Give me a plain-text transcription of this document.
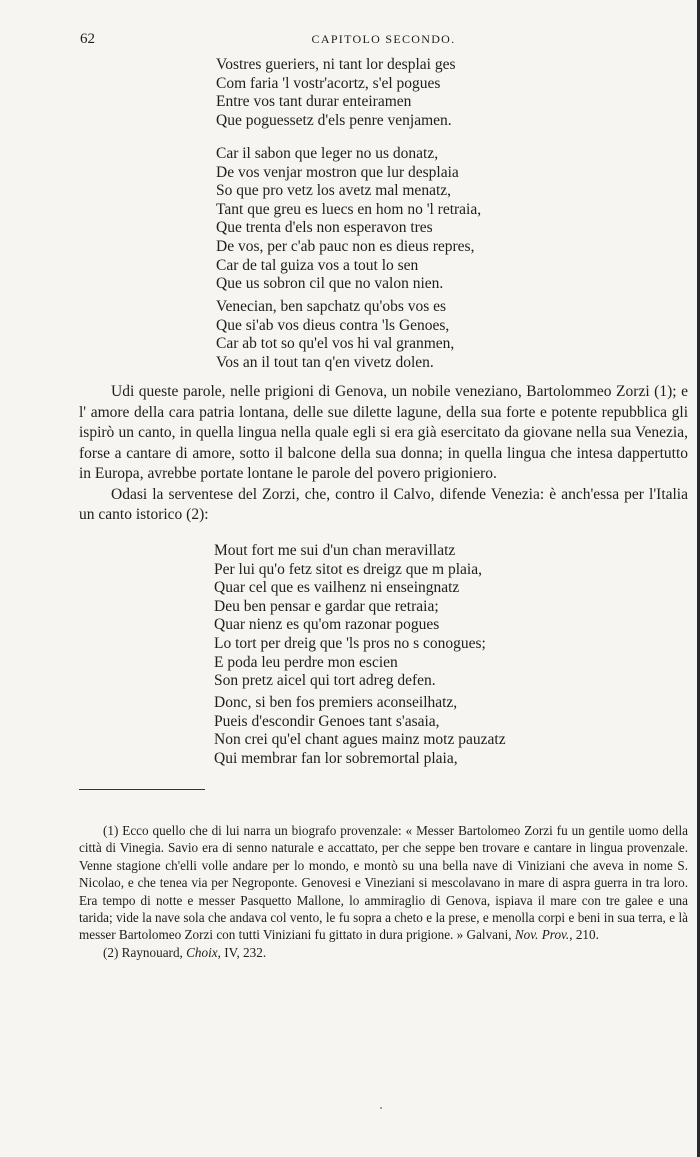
62	CAPITOLO SECONDO.
Vostres gueriers, ni tant lor desplai ges
Com faria 'l vostr'acortz, s'el pogues
Entre vos tant durar enteiramen
Que poguessetz d'els penre venjamen.
Car il sabon que leger no us donatz,
De vos venjar mostron que lur desplaia
So que pro vetz los avetz mal menatz,
Tant que greu es luecs en hom no 'l retraia,
Que trenta d'els non esperavon tres
De vos, per c'ab pauc non es dieus repres,
Car de tal guiza vos a tout lo sen
Que us sobron cil que no valon nien.
Venecian, ben sapchatz qu'obs vos es
Que si'ab vos dieus contra 'ls Genoes,
Car ab tot so qu'el vos hi val granmen,
Vos an il tout tan q'en vivetz dolen.

Udi queste parole, nelle prigioni di Genova, un nobile veneziano, Bartolommeo Zorzi (1); e l' amore della cara patria lontana, delle sue dilette lagune, della sua forte e potente repubblica gli ispirò un canto, in quella lingua nella quale egli si era già esercitato da giovane nella sua Venezia, forse a cantare di amore, sotto il balcone della sua donna; in quella lingua che intesa dappertutto in Europa, avrebbe portate lontane le parole del povero prigioniero.

Odasi la serventese del Zorzi, che, contro il Calvo, difende Venezia: è anch'essa per l'Italia un canto istorico (2):

Mout fort me sui d'un chan meravillatz
Per lui qu'o fetz sitot es dreigz que m plaia,
Quar cel que es vailhenz ni enseingnatz
Deu ben pensar e gardar que retraia;
Quar nienz es qu'om razonar pogues
Lo tort per dreig que 'ls pros no s conogues;
E poda leu perdre mon escien
Son pretz aicel qui tort adreg defen.
Donc, si ben fos premiers aconseilhatz,
Pueis d'escondir Genoes tant s'asaia,
Non crei qu'el chant agues mainz motz pauzatz
Qui membrar fan lor sobremortal plaia,

(1) Ecco quello che di lui narra un biografo provenzale: « Messer Bartolomeo Zorzi fu un gentile uomo della città di Vinegia. Savio era di senno naturale e accattato, per che seppe ben trovare e cantare in lingua provenzale. Venne stagione ch'elli volle andare per lo mondo, e montò su una bella nave di Viniziani che aveva in nome S. Nicolao, e che tenea via per Negroponte. Genovesi e Vineziani si mescolavano in mare di aspra guerra in tra loro. Era tempo di notte e messer Pasquetto Mallone, lo ammiraglio di Genova, ispiava il mare con tre galee e una tarida; vide la nave sola che andava col vento, le fu sopra a cheto e la prese, e menolla corpi e beni in sua terra, e là messer Bartolomeo Zorzi con tutti Viniziani fu gittato in dura prigione. » Galvani, Nov. Prov., 210.

(2) Raynouard, Choix, IV, 232.
